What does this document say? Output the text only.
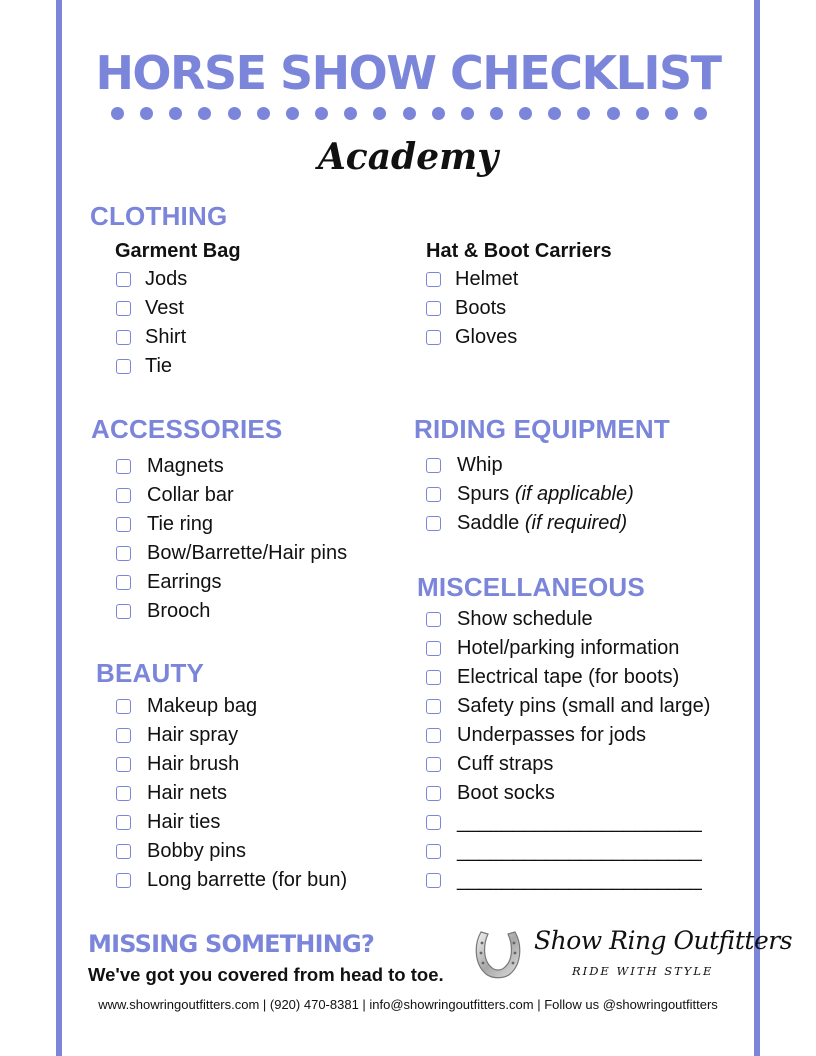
HORSE SHOW CHECKLIST
Academy
CLOTHING
Garment Bag
Jods
Vest
Shirt
Tie
Hat & Boot Carriers
Helmet
Boots
Gloves
ACCESSORIES
Magnets
Collar bar
Tie ring
Bow/Barrette/Hair pins
Earrings
Brooch
RIDING EQUIPMENT
Whip
Spurs (if applicable)
Saddle (if required)
BEAUTY
Makeup bag
Hair spray
Hair brush
Hair nets
Hair ties
Bobby pins
Long barrette (for bun)
MISCELLANEOUS
Show schedule
Hotel/parking information
Electrical tape (for boots)
Safety pins (small and large)
Underpasses for jods
Cuff straps
Boot socks
______________________
______________________
______________________
MISSING SOMETHING?
We've got you covered from head to toe.
Show Ring Outfitters
RIDE WITH STYLE
www.showringoutfitters.com | (920) 470-8381 | info@showringoutfitters.com | Follow us @showringoutfitters
